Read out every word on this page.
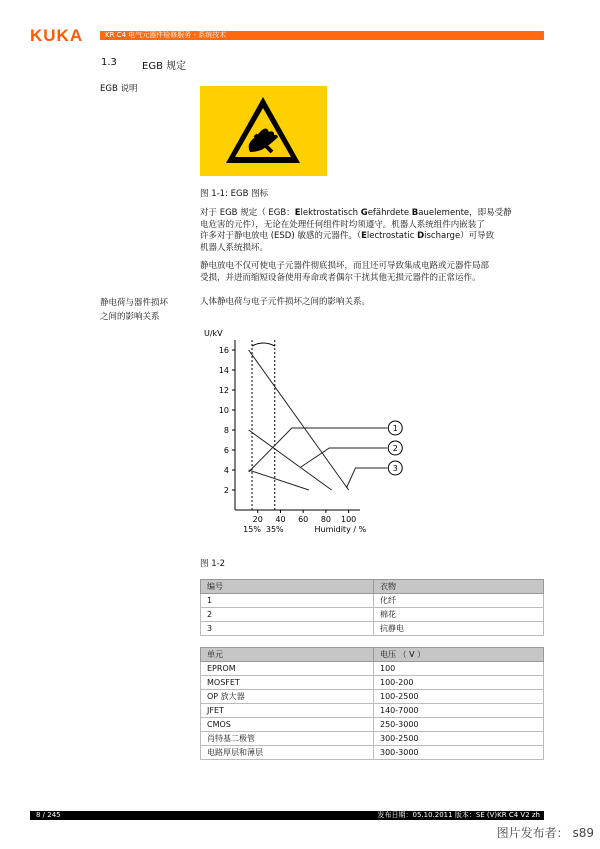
KUKA	KR C4 电气元器件检修服务 - 系统技术
1.3	EGB 规定
EGB 说明
图 1-1: EGB 图标
对于 EGB 规定（ EGB：Elektrostatisch Gefährdete Bauelemente，即易受静
电危害的元件），无论在处理任何组件时均须遵守。机器人系统组件内嵌装了
许多对于静电放电 (ESD) 敏感的元器件。（Electrostatic Discharge）可导致
机器人系统损坏。
静电放电不仅可使电子元器件彻底损坏，而且还可导致集成电路或元器件局部
受损，并进而缩短设备使用寿命或者偶尔干扰其他无损元器件的正常运作。
静电荷与器件损坏
之间的影响关系
人体静电荷与电子元件损坏之间的影响关系。
U/kV
2
4
6
8
10
12
14
16
20 40 60 80 100
15% 35%	Humidity / %
1
2
3
图 1-2
编号	衣物
1	化纤
2	棉花
3	抗静电
单元	电压 （ V ）
EPROM	100
MOSFET	100-200
OP 放大器	100-2500
JFET	140-7000
CMOS	250-3000
肖特基二极管	300-2500
电路厚层和薄层	300-3000
8 / 245	发布日期：05.10.2011 版本：SE (V)KR C4 V2 zh
图片发布者： s89
